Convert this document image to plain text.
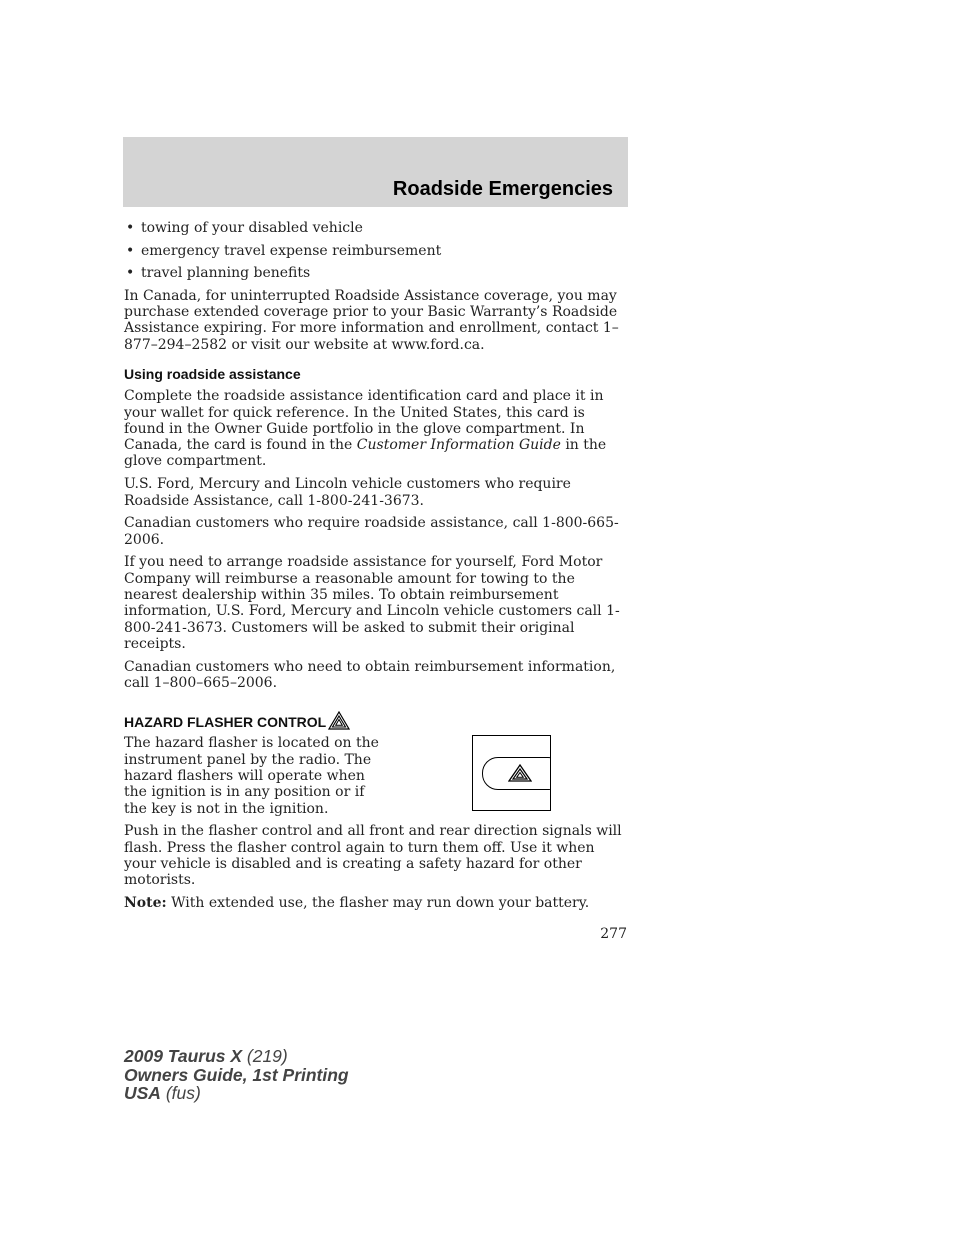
Roadside Emergencies
• towing of your disabled vehicle
• emergency travel expense reimbursement
• travel planning benefits

In Canada, for uninterrupted Roadside Assistance coverage, you may purchase extended coverage prior to your Basic Warranty’s Roadside Assistance expiring. For more information and enrollment, contact 1–877–294–2582 or visit our website at www.ford.ca.

Using roadside assistance

Complete the roadside assistance identification card and place it in your wallet for quick reference. In the United States, this card is found in the Owner Guide portfolio in the glove compartment. In Canada, the card is found in the Customer Information Guide in the glove compartment.

U.S. Ford, Mercury and Lincoln vehicle customers who require Roadside Assistance, call 1-800-241-3673.

Canadian customers who require roadside assistance, call 1-800-665-2006.

If you need to arrange roadside assistance for yourself, Ford Motor Company will reimburse a reasonable amount for towing to the nearest dealership within 35 miles. To obtain reimbursement information, U.S. Ford, Mercury and Lincoln vehicle customers call 1-800-241-3673. Customers will be asked to submit their original receipts.

Canadian customers who need to obtain reimbursement information, call 1–800–665–2006.

HAZARD FLASHER CONTROL

The hazard flasher is located on the instrument panel by the radio. The hazard flashers will operate when the ignition is in any position or if the key is not in the ignition.

Push in the flasher control and all front and rear direction signals will flash. Press the flasher control again to turn them off. Use it when your vehicle is disabled and is creating a safety hazard for other motorists.

Note: With extended use, the flasher may run down your battery.

277
2009 Taurus X (219)
Owners Guide, 1st Printing
USA (fus)
